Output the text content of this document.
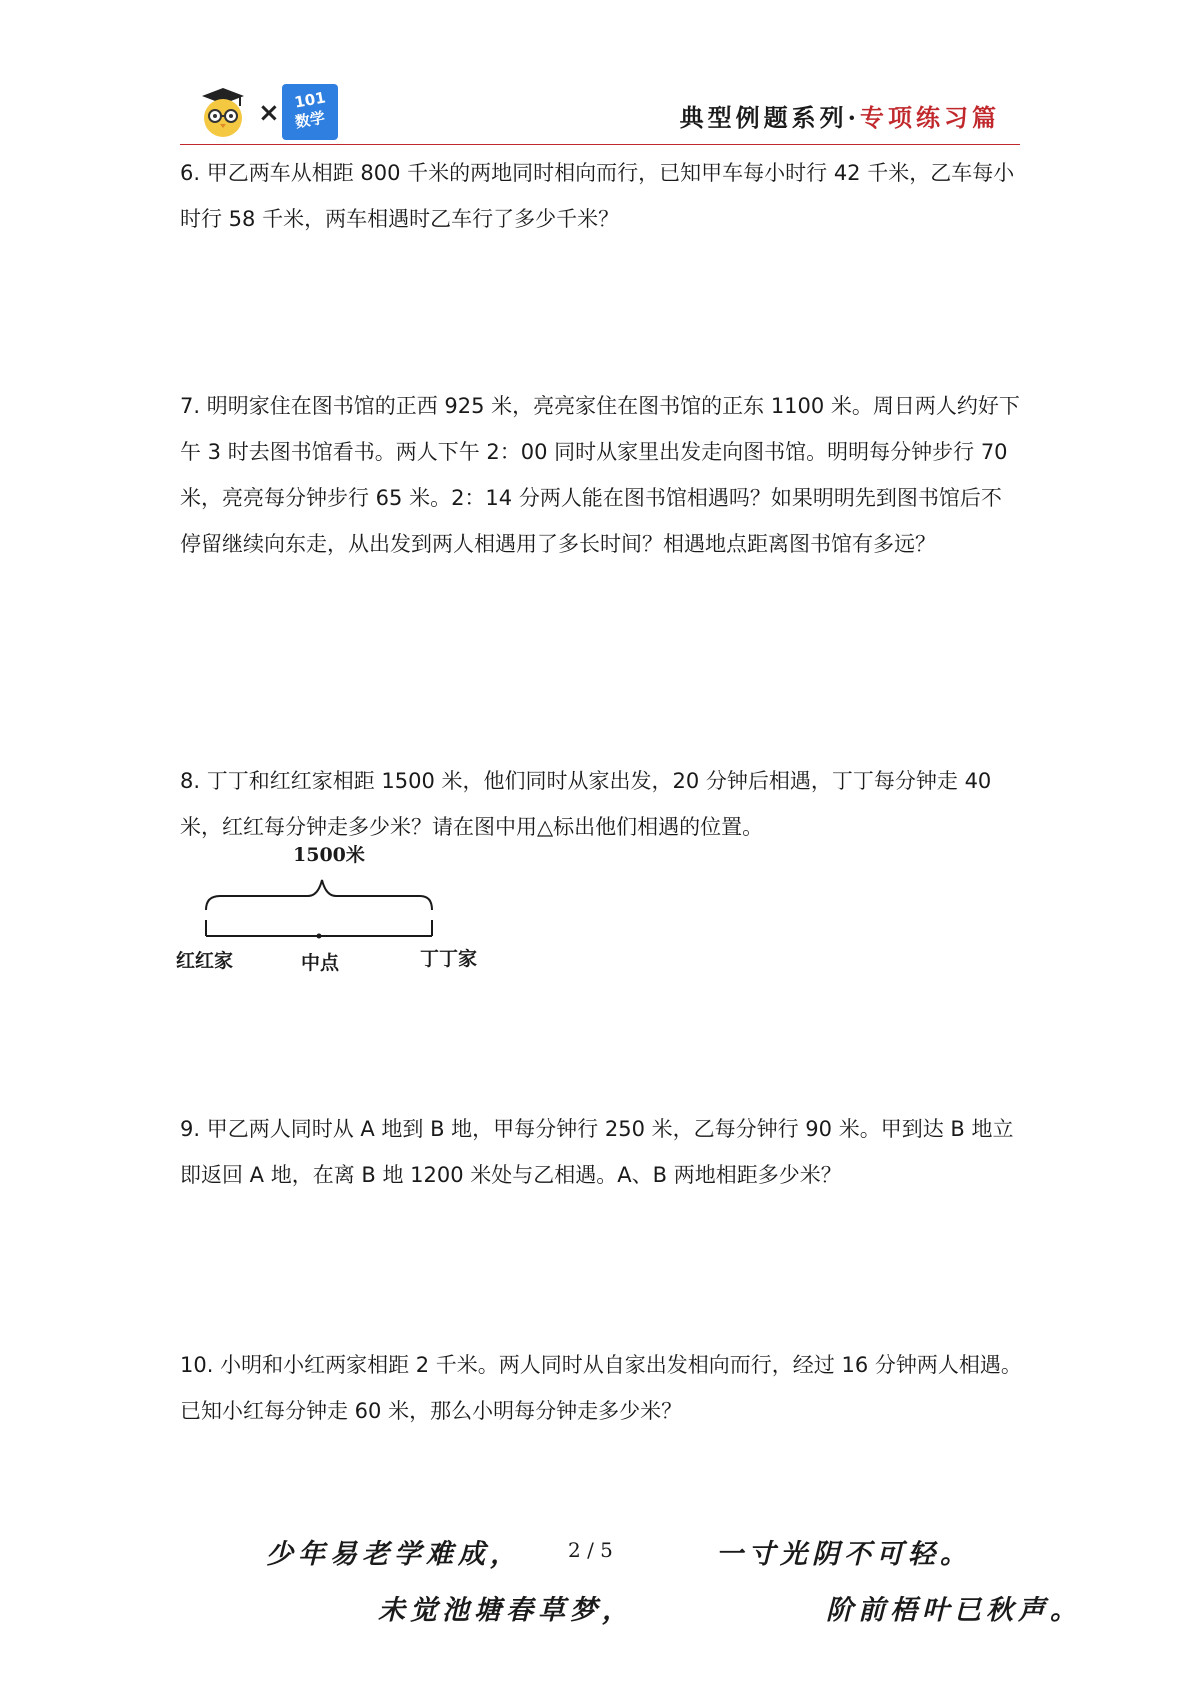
× 101
数学	典型例题系列·专项练习篇
6. 甲乙两车从相距 800 千米的两地同时相向而行，已知甲车每小时行 42 千米，乙车每小时行 58 千米，两车相遇时乙车行了多少千米？
7. 明明家住在图书馆的正西 925 米，亮亮家住在图书馆的正东 1100 米。周日两人约好下午 3 时去图书馆看书。两人下午 2：00 同时从家里出发走向图书馆。明明每分钟步行 70 米，亮亮每分钟步行 65 米。2：14 分两人能在图书馆相遇吗？如果明明先到图书馆后不停留继续向东走，从出发到两人相遇用了多长时间？相遇地点距离图书馆有多远？
8. 丁丁和红红家相距 1500 米，他们同时从家出发，20 分钟后相遇，丁丁每分钟走 40 米，红红每分钟走多少米？请在图中用△标出他们相遇的位置。
1500米
红红家	中点	丁丁家
9. 甲乙两人同时从 A 地到 B 地，甲每分钟行 250 米，乙每分钟行 90 米。甲到达 B 地立即返回 A 地，在离 B 地 1200 米处与乙相遇。A、B 两地相距多少米？
10. 小明和小红两家相距 2 千米。两人同时从自家出发相向而行，经过 16 分钟两人相遇。已知小红每分钟走 60 米，那么小明每分钟走多少米？
少年易老学难成， 2 / 5	一寸光阴不可轻。
未觉池塘春草梦，	阶前梧叶已秋声。
